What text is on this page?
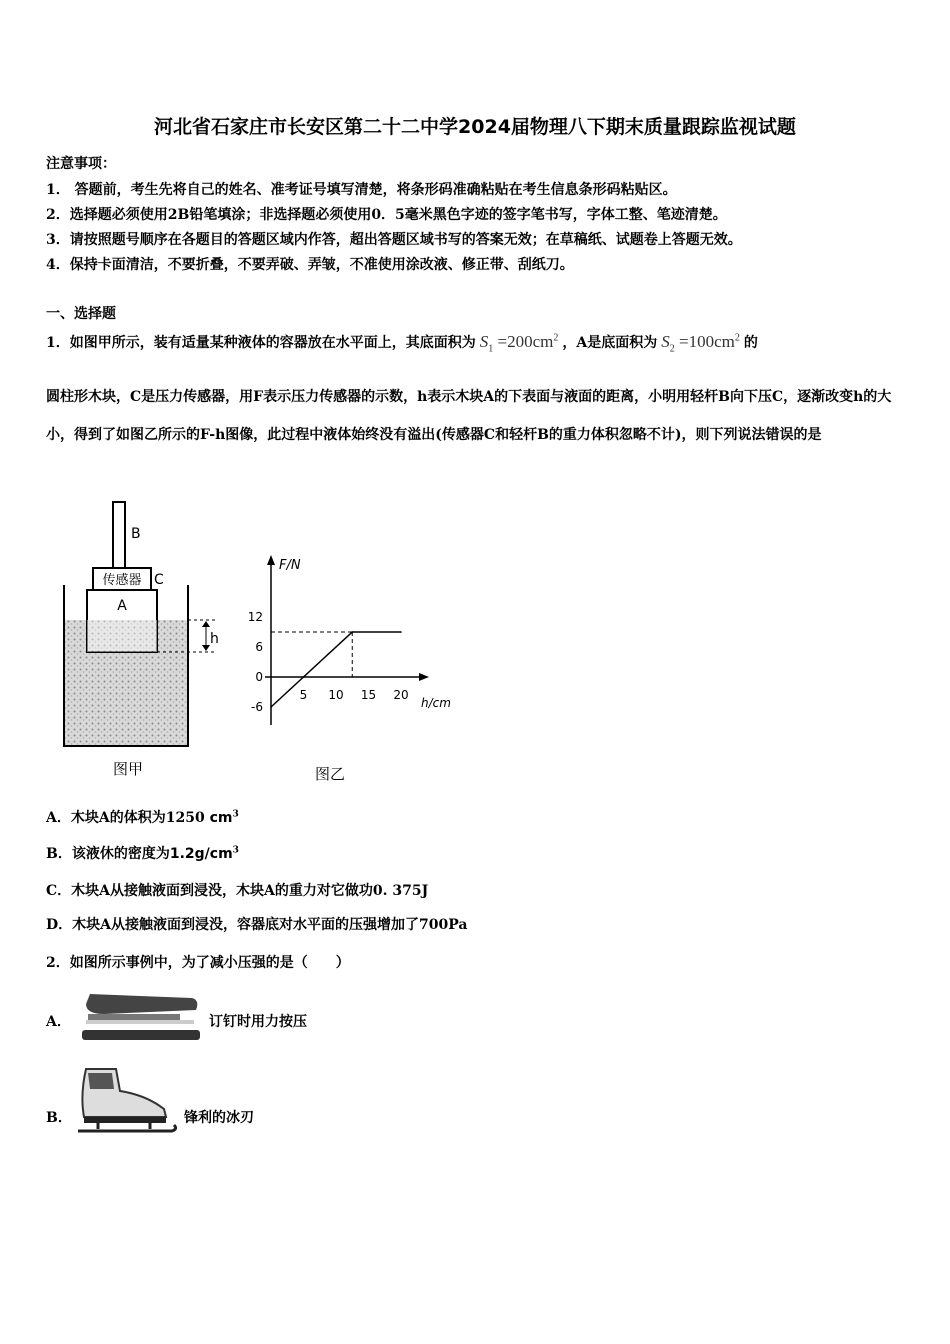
河北省石家庄市长安区第二十二中学2024届物理八下期末质量跟踪监视试题
注意事项：
1． 答题前，考生先将自己的姓名、准考证号填写清楚，将条形码准确粘贴在考生信息条形码粘贴区。
2．选择题必须使用2B铅笔填涂；非选择题必须使用0．5毫米黑色字迹的签字笔书写，字体工整、笔迹清楚。
3．请按照题号顺序在各题目的答题区域内作答，超出答题区域书写的答案无效；在草稿纸、试题卷上答题无效。
4．保持卡面清洁，不要折叠，不要弄破、弄皱，不准使用涂改液、修正带、刮纸刀。
一、选择题
1．如图甲所示，装有适量某种液体的容器放在水平面上，其底面积为 $S_1 =200cm^2$ ，A是底面积为 $S_2 =100cm^2$ 的
圆柱形木块，C是压力传感器，用F表示压力传感器的示数，h表示木块A的下表面与液面的距离，小明用轻杆B向下压C，逐渐改变h的大小，得到了如图乙所示的F-h图像，此过程中液体始终没有溢出(传感器C和轻杆B的重力体积忽略不计)，则下列说法错误的是
A
传感器 C
B
h
图甲
F/N
h/cm
12
6
0
-6
5 10 15 20
图乙
A．木块A的体积为1250 $cm^3$
B．该液休的密度为$1.2g/cm^3$
C．木块A从接触液面到浸没，木块A的重力对它做功0. 375J
D．木块A从接触液面到浸没，容器底对水平面的压强增加了700Pa
2．如图所示事例中，为了减小压强的是（　　）
A．	订钉时用力按压
B．	锋利的冰刃
